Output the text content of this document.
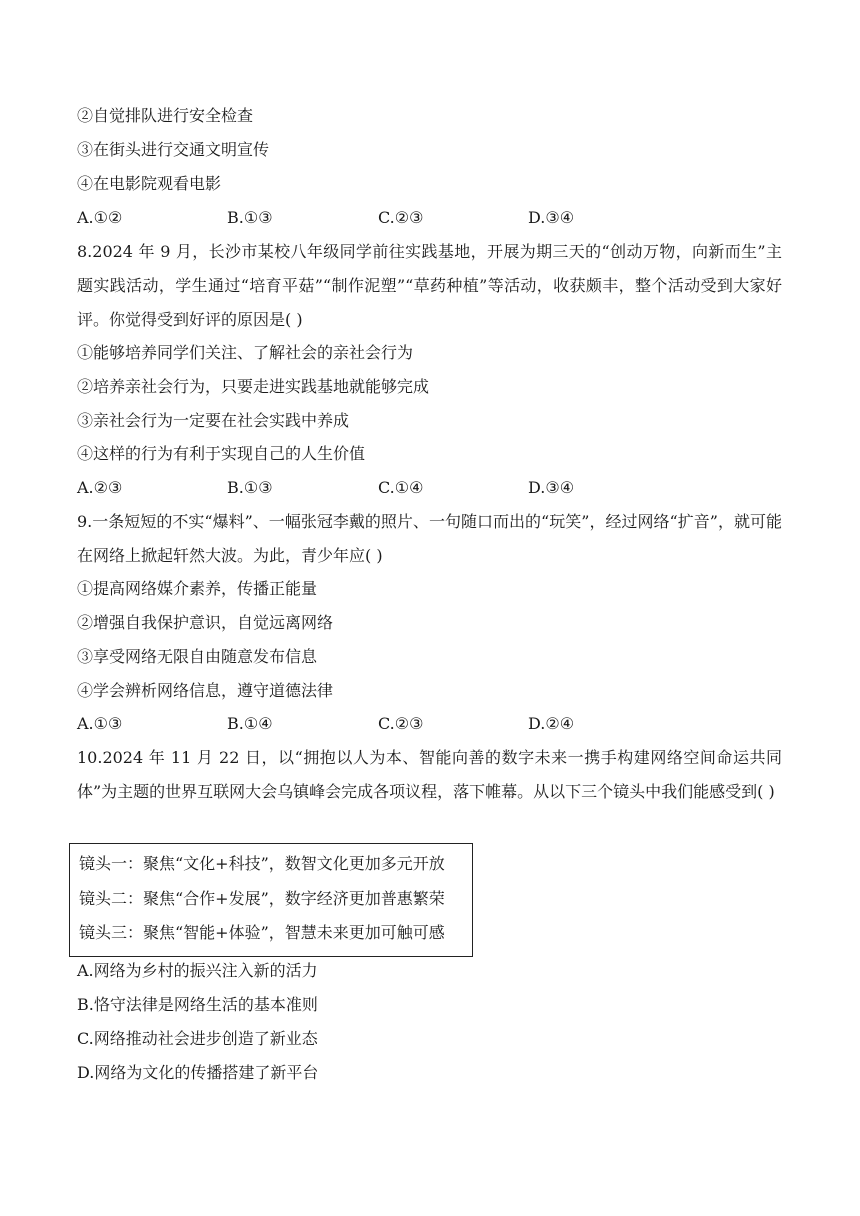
②自觉排队进行安全检查
③在街头进行交通文明宣传
④在电影院观看电影
A.①②	B.①③	C.②③	D.③④
8.2024 年 9 月，长沙市某校八年级同学前往实践基地，开展为期三天的“创动万物，向新而生”主题实践活动，学生通过“培育平菇”“制作泥塑”“草药种植”等活动，收获颇丰，整个活动受到大家好评。你觉得受到好评的原因是( )
①能够培养同学们关注、了解社会的亲社会行为
②培养亲社会行为，只要走进实践基地就能够完成
③亲社会行为一定要在社会实践中养成
④这样的行为有利于实现自己的人生价值
A.②③	B.①③	C.①④	D.③④
9.一条短短的不实“爆料”、一幅张冠李戴的照片、一句随口而出的“玩笑”，经过网络“扩音”，就可能在网络上掀起轩然大波。为此，青少年应( )
①提高网络媒介素养，传播正能量
②增强自我保护意识，自觉远离网络
③享受网络无限自由随意发布信息
④学会辨析网络信息，遵守道德法律
A.①③	B.①④	C.②③	D.②④
10.2024 年 11 月 22 日，以“拥抱以人为本、智能向善的数字未来一携手构建网络空间命运共同体”为主题的世界互联网大会乌镇峰会完成各项议程，落下帷幕。从以下三个镜头中我们能感受到( )
镜头一：聚焦“文化+科技”，数智文化更加多元开放
镜头二：聚焦“合作+发展”，数字经济更加普惠繁荣
镜头三：聚焦“智能+体验”，智慧未来更加可触可感
A.网络为乡村的振兴注入新的活力
B.恪守法律是网络生活的基本准则
C.网络推动社会进步创造了新业态
D.网络为文化的传播搭建了新平台
